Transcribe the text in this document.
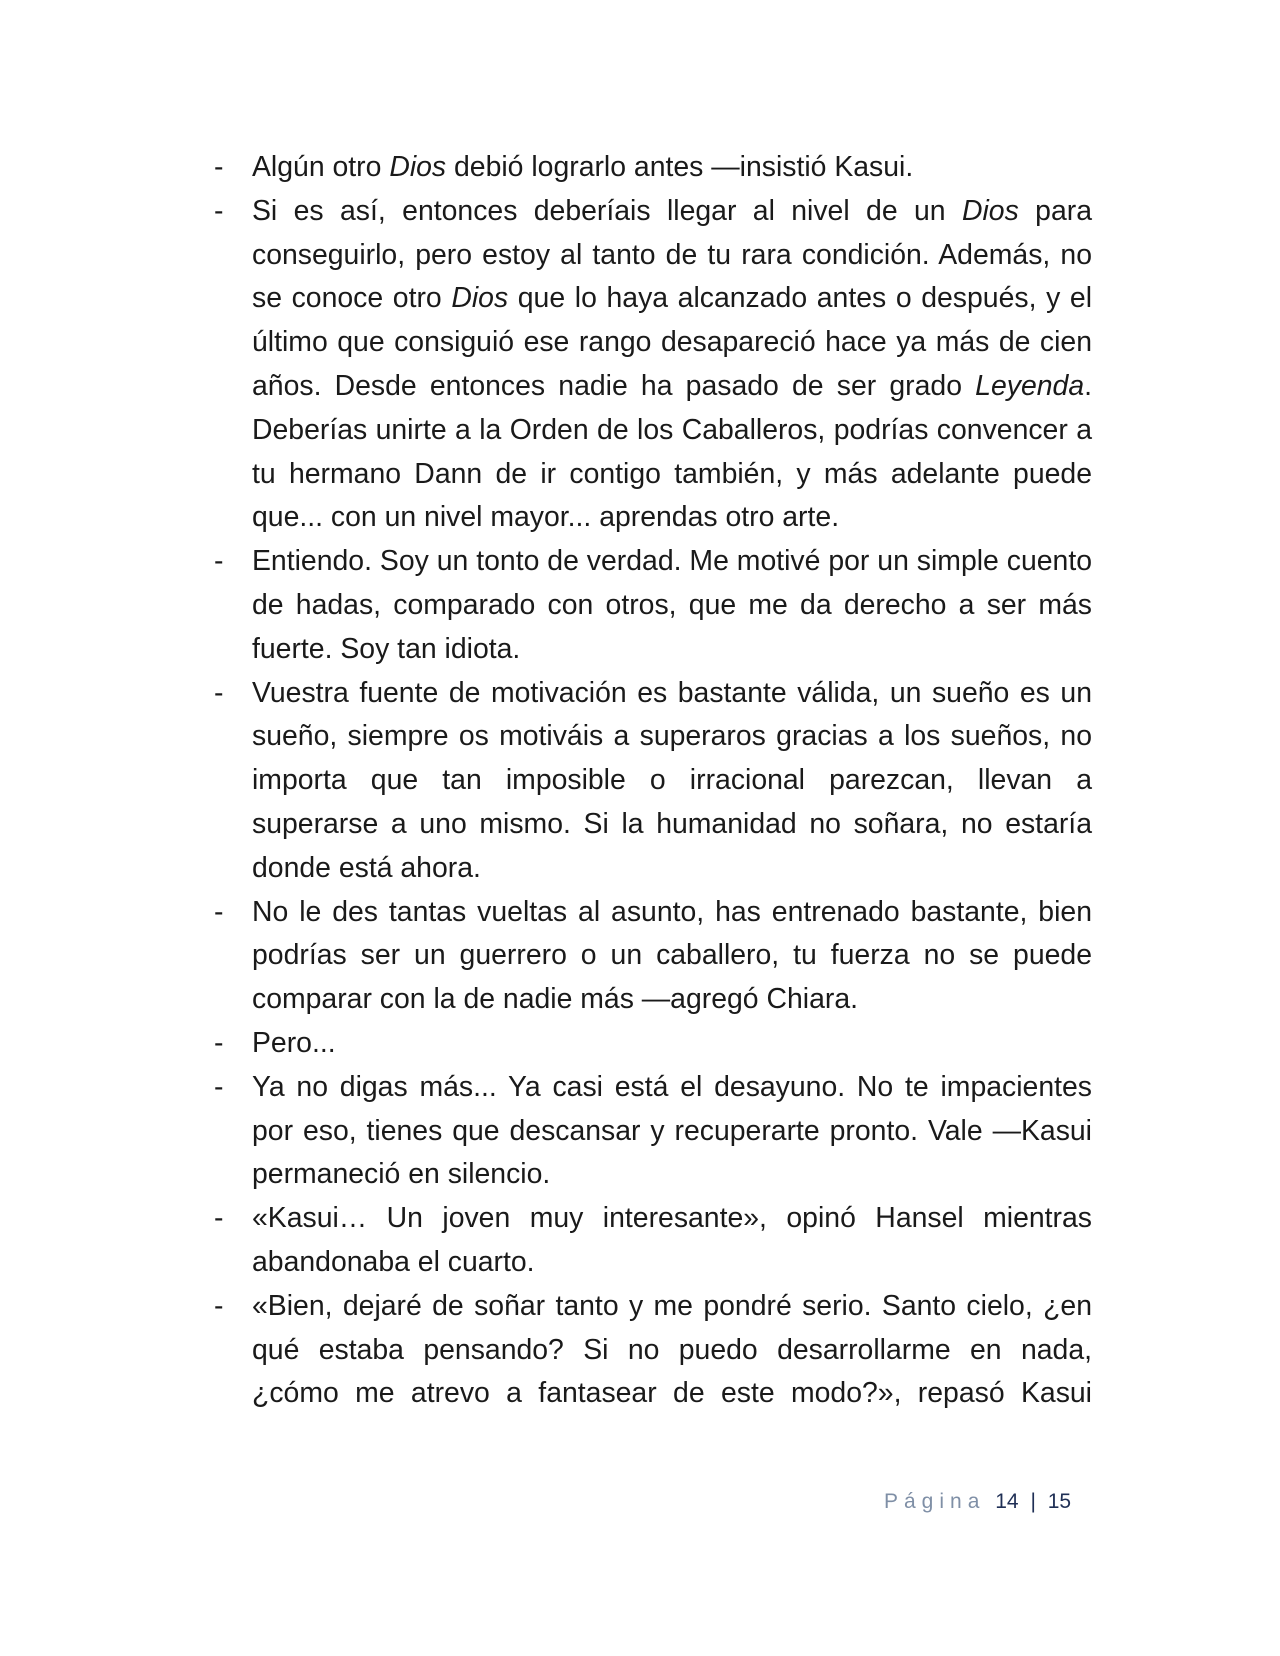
- Algún otro Dios debió lograrlo antes —insistió Kasui.
- Si es así, entonces deberíais llegar al nivel de un Dios para conseguirlo, pero estoy al tanto de tu rara condición. Además, no se conoce otro Dios que lo haya alcanzado antes o después, y el último que consiguió ese rango desapareció hace ya más de cien años. Desde entonces nadie ha pasado de ser grado Leyenda. Deberías unirte a la Orden de los Caballeros, podrías convencer a tu hermano Dann de ir contigo también, y más adelante puede que... con un nivel mayor... aprendas otro arte.
- Entiendo. Soy un tonto de verdad. Me motivé por un simple cuento de hadas, comparado con otros, que me da derecho a ser más fuerte. Soy tan idiota.
- Vuestra fuente de motivación es bastante válida, un sueño es un sueño, siempre os motiváis a superaros gracias a los sueños, no importa que tan imposible o irracional parezcan, llevan a superarse a uno mismo. Si la humanidad no soñara, no estaría donde está ahora.
- No le des tantas vueltas al asunto, has entrenado bastante, bien podrías ser un guerrero o un caballero, tu fuerza no se puede comparar con la de nadie más —agregó Chiara.
- Pero...
- Ya no digas más... Ya casi está el desayuno. No te impacientes por eso, tienes que descansar y recuperarte pronto. Vale —Kasui permaneció en silencio.
- «Kasui… Un joven muy interesante», opinó Hansel mientras abandonaba el cuarto.
- «Bien, dejaré de soñar tanto y me pondré serio. Santo cielo, ¿en qué estaba pensando? Si no puedo desarrollarme en nada, ¿cómo me atrevo a fantasear de este modo?», repasó Kasui
Página 14 | 15
